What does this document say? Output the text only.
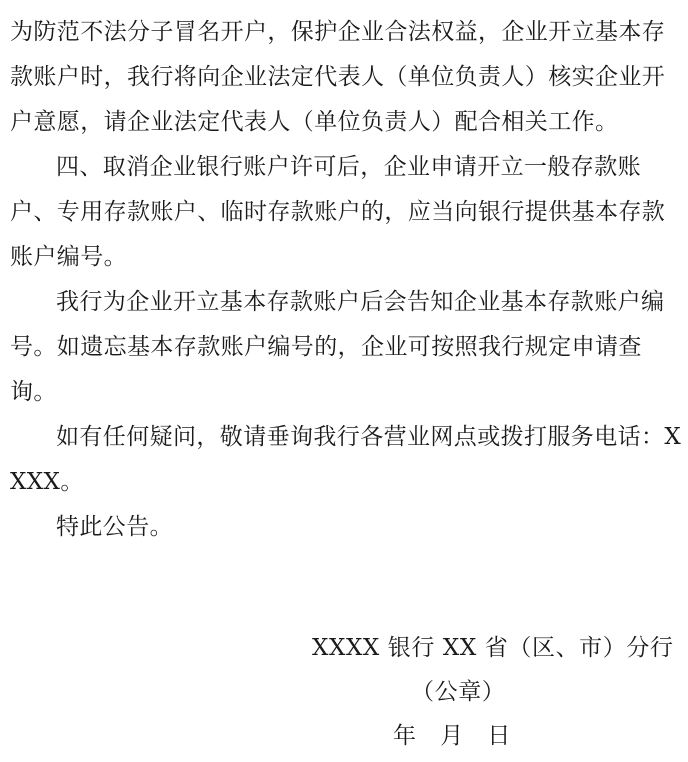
为防范不法分子冒名开户，保护企业合法权益，企业开立基本存款账户时，我行将向企业法定代表人（单位负责人）核实企业开户意愿，请企业法定代表人（单位负责人）配合相关工作。

四、取消企业银行账户许可后，企业申请开立一般存款账户、专用存款账户、临时存款账户的，应当向银行提供基本存款账户编号。

我行为企业开立基本存款账户后会告知企业基本存款账户编号。如遗忘基本存款账户编号的，企业可按照我行规定申请查询。

如有任何疑问，敬请垂询我行各营业网点或拨打服务电话：XXXX。

特此公告。

XXXX 银行 XX 省（区、市）分行

（公章）

年　月　日
